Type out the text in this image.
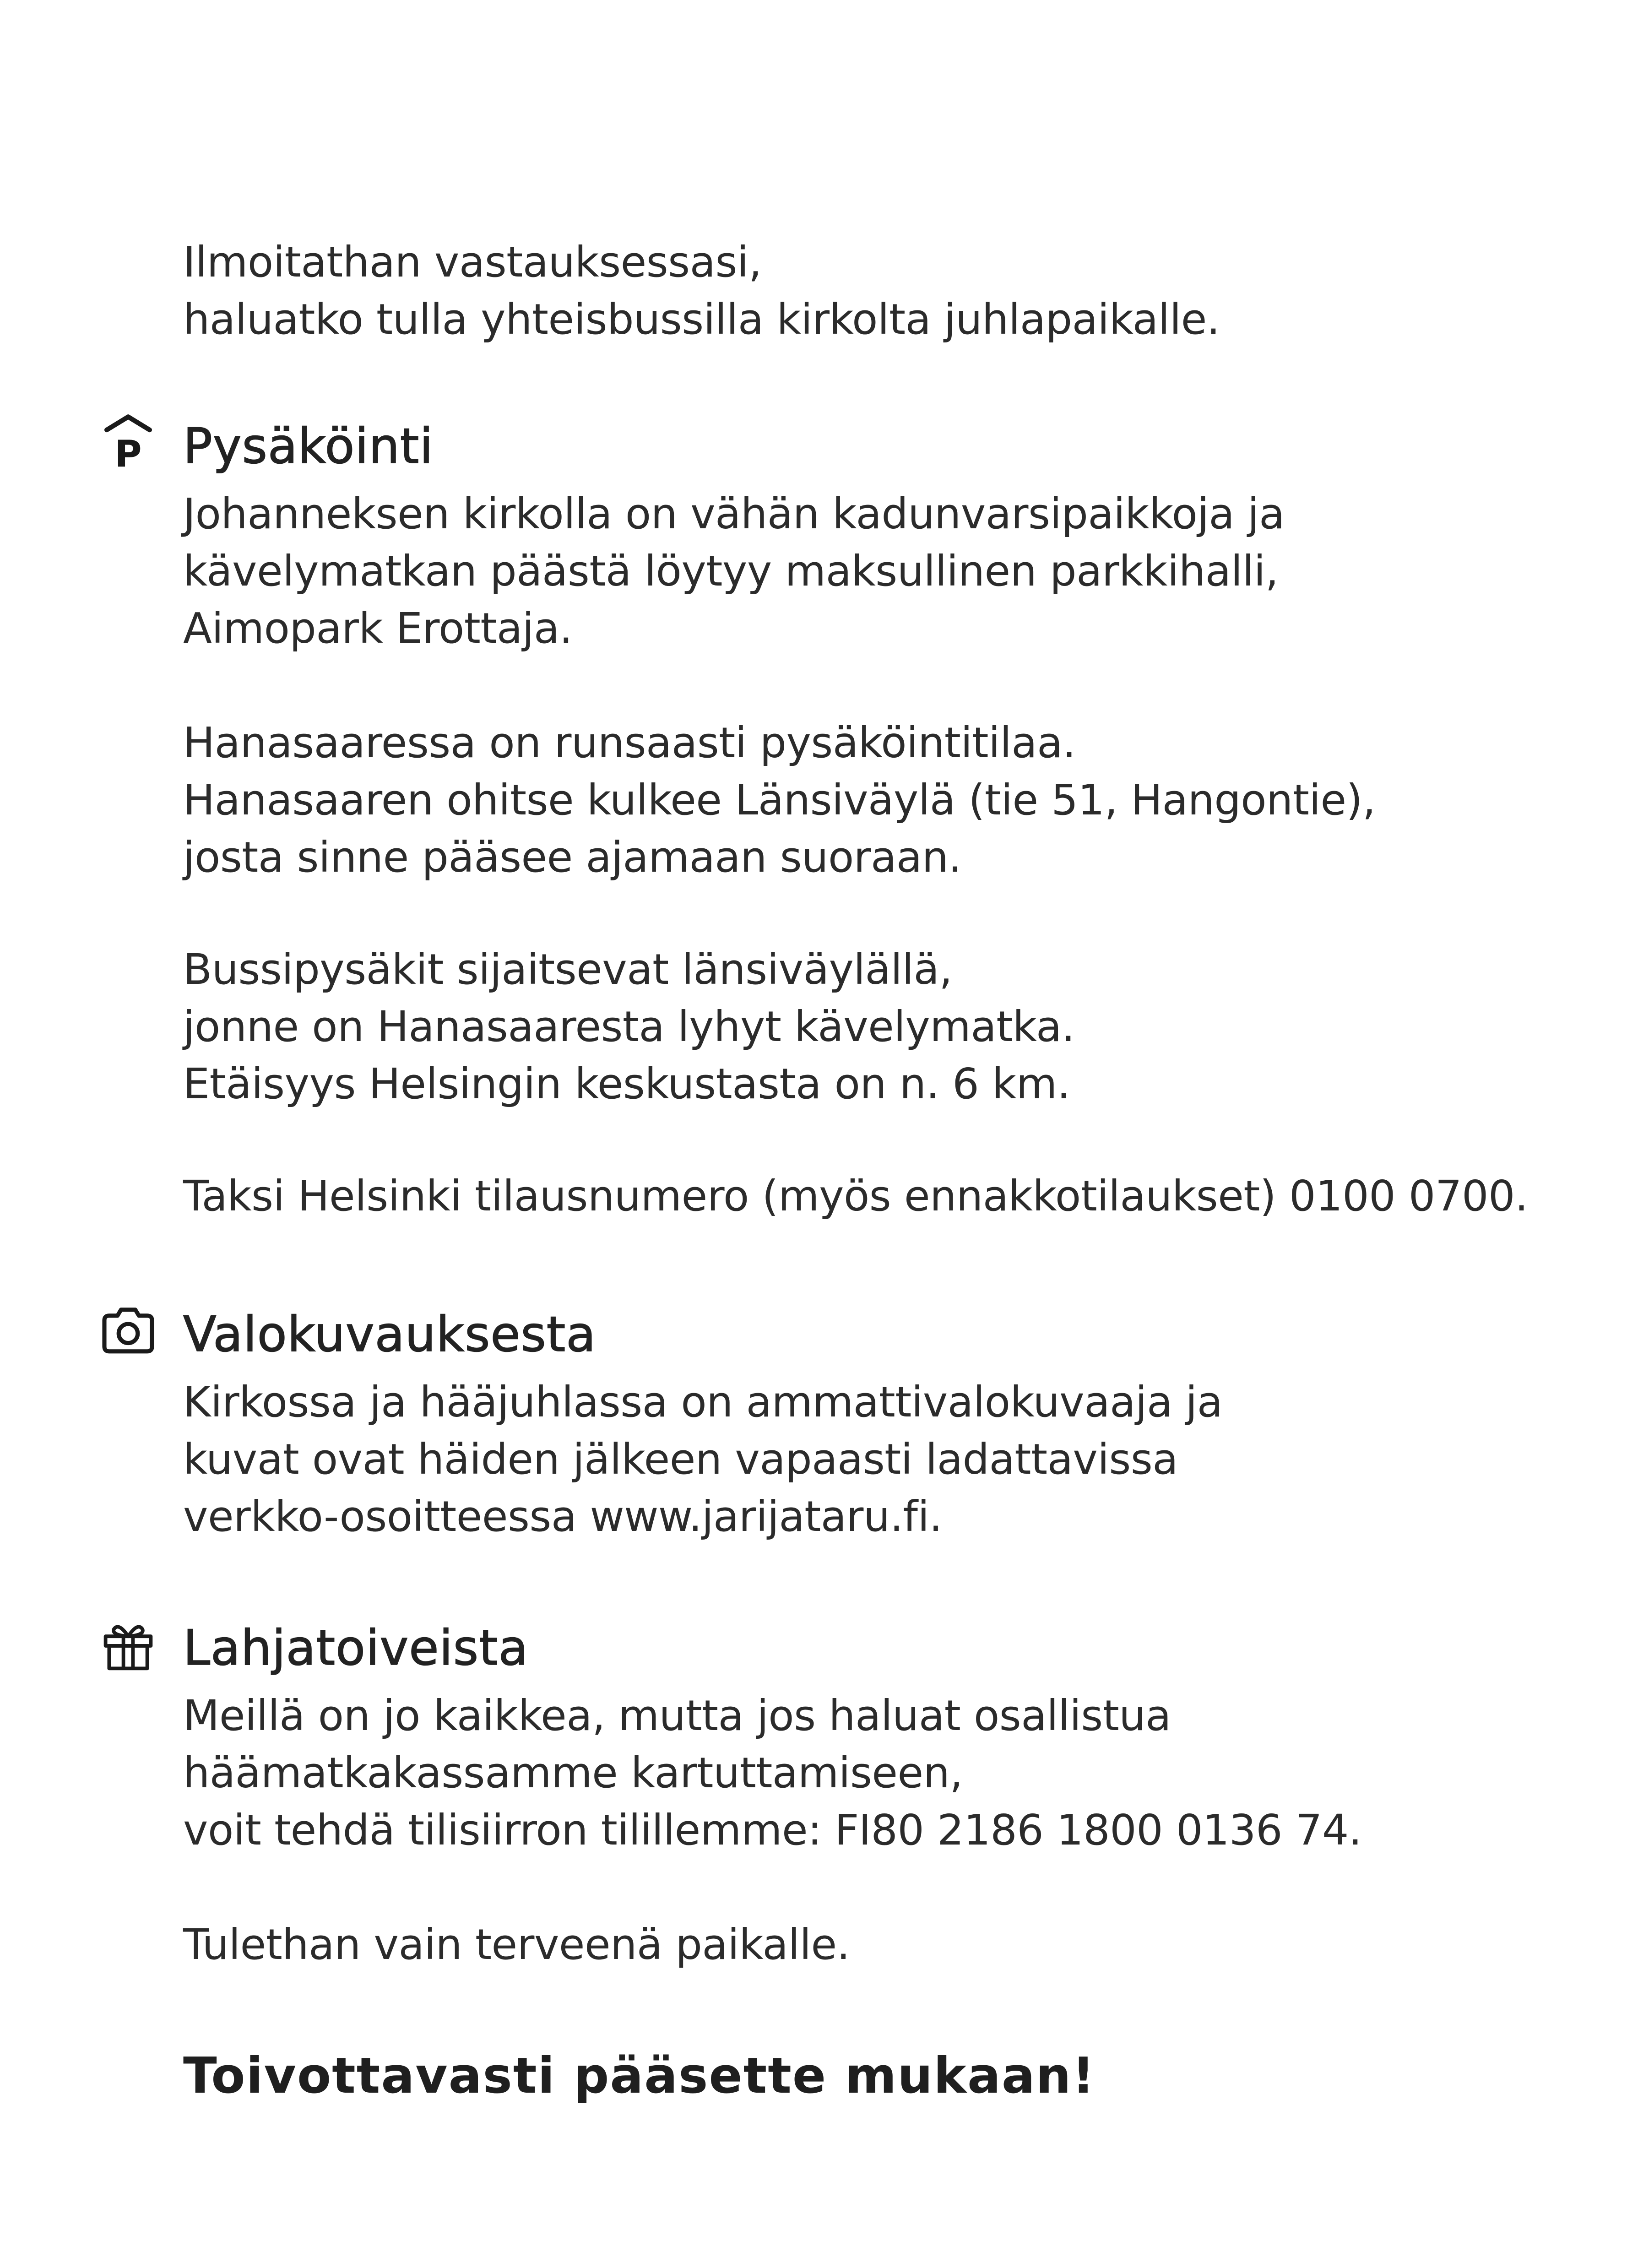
Ilmoitathan vastauksessasi,
haluatko tulla yhteisbussilla kirkolta juhlapaikalle.
P Pysäköinti
Johanneksen kirkolla on vähän kadunvarsipaikkoja ja
kävelymatkan päästä löytyy maksullinen parkkihalli,
Aimopark Erottaja.
Hanasaaressa on runsaasti pysäköintitilaa.
Hanasaaren ohitse kulkee Länsiväylä (tie 51, Hangontie),
josta sinne pääsee ajamaan suoraan.
Bussipysäkit sijaitsevat länsiväylällä,
jonne on Hanasaaresta lyhyt kävelymatka.
Etäisyys Helsingin keskustasta on n. 6 km.
Taksi Helsinki tilausnumero (myös ennakkotilaukset) 0100 0700.
Valokuvauksesta
Kirkossa ja hääjuhlassa on ammattivalokuvaaja ja
kuvat ovat häiden jälkeen vapaasti ladattavissa
verkko-osoitteessa www.jarijataru.fi.
Lahjatoiveista
Meillä on jo kaikkea, mutta jos haluat osallistua
häämatkakassamme kartuttamiseen,
voit tehdä tilisiirron tilillemme: FI80 2186 1800 0136 74.
Tulethan vain terveenä paikalle.
Toivottavasti pääsette mukaan!
